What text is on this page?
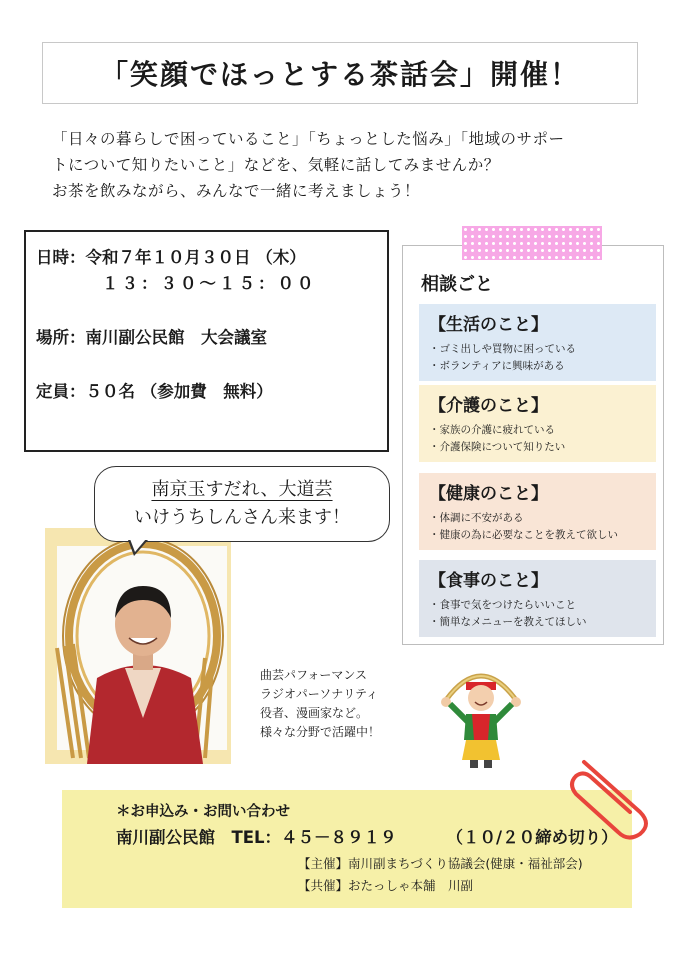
「笑顔でほっとする茶話会」開催！

「日々の暮らしで困っていること」「ちょっとした悩み」「地域のサポー

トについて知りたいこと」などを、気軽に話してみませんか？

お茶を飲みながら、みんなで一緒に考えましょう！

日時：令和７年１０月３０日 （木）
１３：３０〜１５：００
場所：南川副公民館　大会議室
定員：５０名 （参加費　無料）
相談ごと
【生活のこと】
・ ゴミ出しや買物に困っている
・ ボランティアに興味がある
【介護のこと】
・ 家族の介護に疲れている
・ 介護保険について知りたい
【健康のこと】
・ 体調に不安がある
・ 健康の為に必要なことを教えて欲しい
【食事のこと】
・ 食事で気をつけたらいいこと
・ 簡単なメニューを教えてほしい
南京玉すだれ、大道芸
いけうちしんさん来ます！
曲芸パフォーマンス
ラジオパーソナリティ
役者、漫画家など。
様々な分野で活躍中！
＊お申込み・お問い合わせ
南川副公民館　TEL：４５－８９１９	（１０/２０締め切り）
【主催】南川副まちづくり協議会(健康・福祉部会)
【共催】おたっしゃ本舗　川副
